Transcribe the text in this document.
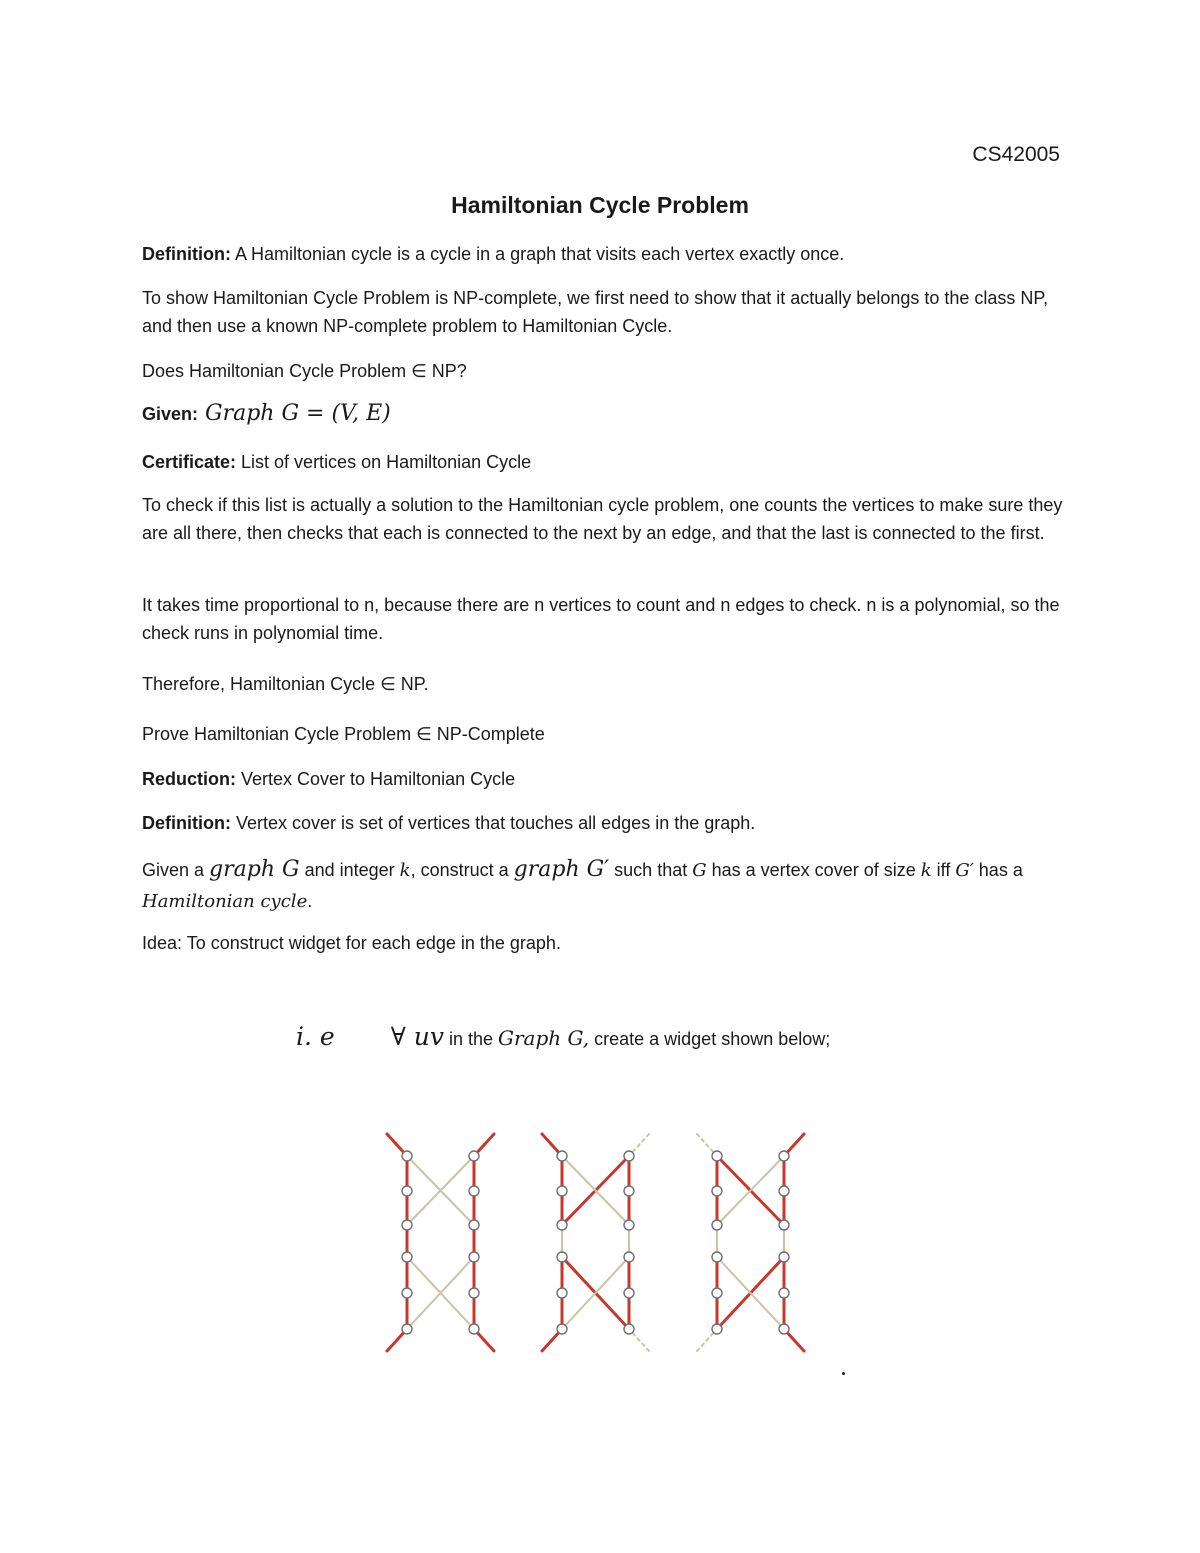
CS42005
Hamiltonian Cycle Problem
Definition: A Hamiltonian cycle is a cycle in a graph that visits each vertex exactly once.
To show Hamiltonian Cycle Problem is NP-complete, we first need to show that it actually belongs to the class NP, and then use a known NP-complete problem to Hamiltonian Cycle.
Does Hamiltonian Cycle Problem ∈ NP?
Given: Graph G = (V, E)
Certificate: List of vertices on Hamiltonian Cycle
To check if this list is actually a solution to the Hamiltonian cycle problem, one counts the vertices to make sure they are all there, then checks that each is connected to the next by an edge, and that the last is connected to the first.
It takes time proportional to n, because there are n vertices to count and n edges to check. n is a polynomial, so the check runs in polynomial time.
Therefore, Hamiltonian Cycle ∈ NP.
Prove Hamiltonian Cycle Problem ∈ NP-Complete
Reduction: Vertex Cover to Hamiltonian Cycle
Definition: Vertex cover is set of vertices that touches all edges in the graph.
Given a graph G and integer k, construct a graph G′ such that G has a vertex cover of size k iff G′ has a Hamiltonian cycle.
Idea: To construct widget for each edge in the graph.
i. e ∀ uv in the Graph G, create a widget shown below;
